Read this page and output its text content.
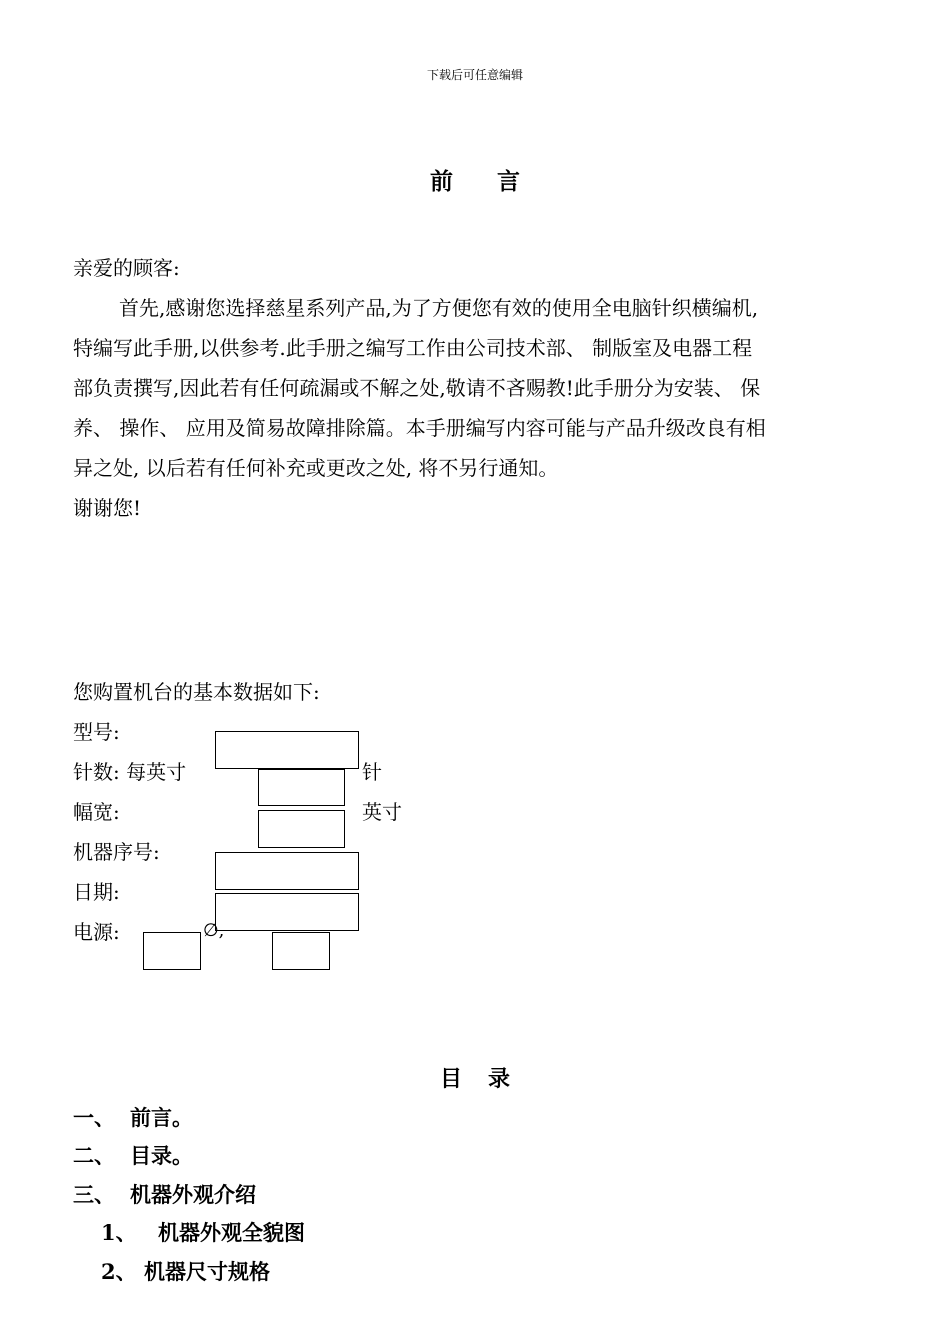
下载后可任意编辑
前 言
亲爱的顾客:
首先,感谢您选择慈星系列产品,为了方便您有效的使用全电脑针织横编机,
特编写此手册,以供参考.此手册之编写工作由公司技术部、 制版室及电器工程
部负责撰写,因此若有任何疏漏或不解之处,敬请不吝赐教!此手册分为安装、 保
养、 操作、 应用及简易故障排除篇。本手册编写内容可能与产品升级改良有相
异之处, 以后若有任何补充或更改之处, 将不另行通知。
谢谢您!
您购置机台的基本数据如下:
型号:
针数: 每英寸	针
幅宽:	英寸
机器序号:
日期:
电源:	∅,
目 录
一、 前言。
二、 目录。
三、 机器外观介绍
1、 机器外观全貌图
2、 机器尺寸规格
